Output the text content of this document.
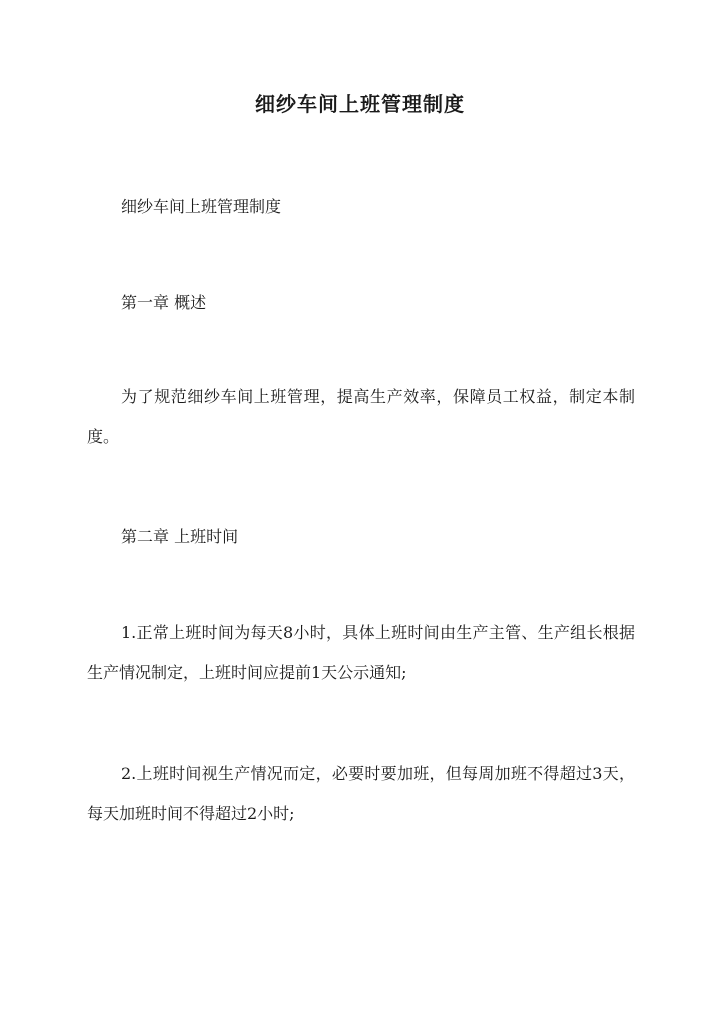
细纱车间上班管理制度

细纱车间上班管理制度

第一章 概述

为了规范细纱车间上班管理，提高生产效率，保障员工权益，制定本制度。

第二章 上班时间

1.正常上班时间为每天8小时，具体上班时间由生产主管、生产组长根据生产情况制定，上班时间应提前1天公示通知;

2.上班时间视生产情况而定，必要时要加班，但每周加班不得超过3天，每天加班时间不得超过2小时;
